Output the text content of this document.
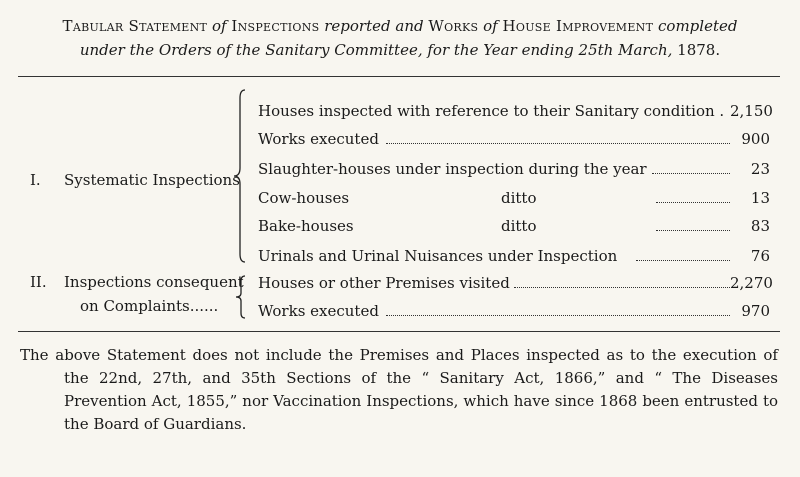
Tabular Statement of Inspections reported and Works of House Improvement completed
under the Orders of the Sanitary Committee, for the Year ending 25th March, 1878.
I. Systematic Inspections
Houses inspected with reference to their Sanitary condition . 2,150
Works executed	900
Slaughter-houses under inspection during the year	23
Cow-houses	ditto	13
Bake-houses	ditto	83
Urinals and Urinal Nuisances under Inspection	76
II. Inspections consequent
on Complaints......
Houses or other Premises visited	2,270
Works executed	970
The above Statement does not include the Premises and Places inspected as to the execution of the 22nd, 27th, and 35th Sections of the “ Sanitary Act, 1866,” and “ The Diseases Prevention Act, 1855,” nor Vaccination Inspections, which have since 1868 been entrusted to the Board of Guardians.
